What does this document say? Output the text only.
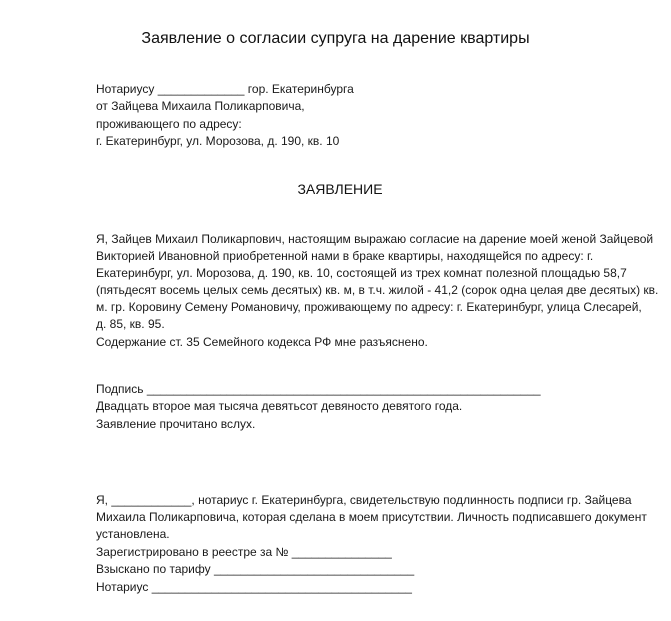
Заявление о согласии супруга на дарение квартиры
Нотариусу _____________ гор. Екатеринбурга
от Зайцева Михаила Поликарповича,
проживающего по адресу:
г. Екатеринбург, ул. Морозова, д. 190, кв. 10
ЗАЯВЛЕНИЕ
Я, Зайцев Михаил Поликарпович, настоящим выражаю согласие на дарение моей женой Зайцевой
Викторией Ивановной приобретенной нами в браке квартиры, находящейся по адресу: г.
Екатеринбург, ул. Морозова, д. 190, кв. 10, состоящей из трех комнат полезной площадью 58,7
(пятьдесят восемь целых семь десятых) кв. м, в т.ч. жилой - 41,2 (сорок одна целая две десятых) кв.
м. гр. Коровину Семену Романовичу, проживающему по адресу: г. Екатеринбург, улица Слесарей,
д. 85, кв. 95.
Содержание ст. 35 Семейного кодекса РФ мне разъяснено.
Подпись ___________________________________________________________
Двадцать второе мая тысяча девятьсот девяносто девятого года.
Заявление прочитано вслух.
Я, ____________, нотариус г. Екатеринбурга, свидетельствую подлинность подписи гр. Зайцева
Михаила Поликарповича, которая сделана в моем присутствии. Личность подписавшего документ
установлена.
Зарегистрировано в реестре за № _______________
Взыскано по тарифу ______________________________
Нотариус _______________________________________
